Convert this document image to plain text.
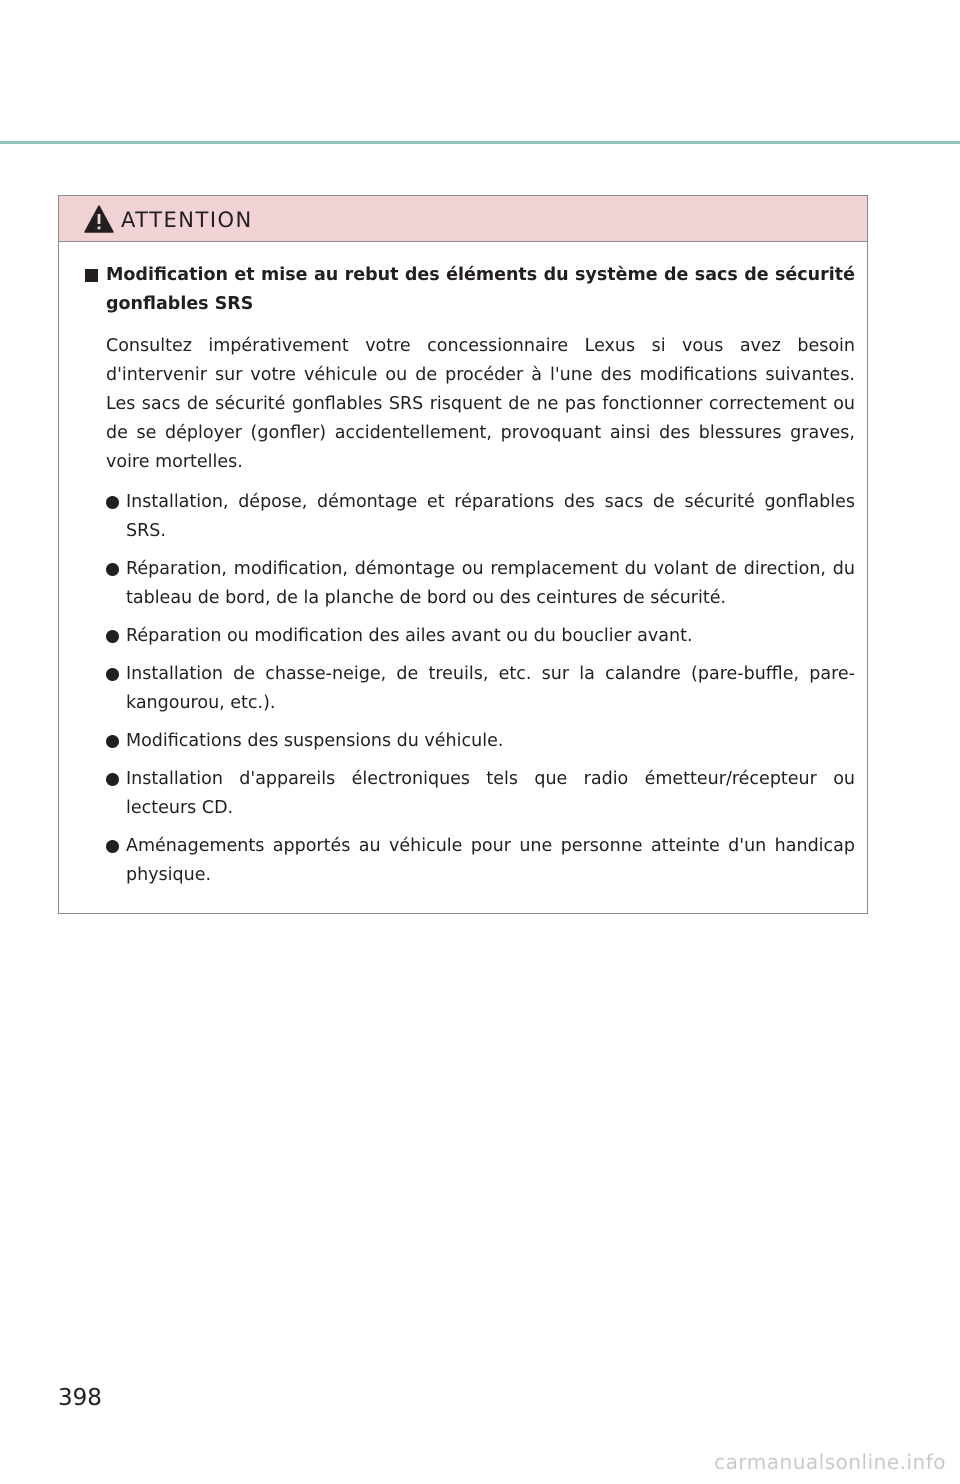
ATTENTION
Modification et mise au rebut des éléments du système de sacs de sécurité gonflables SRS

Consultez impérativement votre concessionnaire Lexus si vous avez besoin d'intervenir sur votre véhicule ou de procéder à l'une des modifications suivantes. Les sacs de sécurité gonflables SRS risquent de ne pas fonctionner correctement ou de se déployer (gonfler) accidentellement, provoquant ainsi des blessures graves, voire mortelles.

Installation, dépose, démontage et réparations des sacs de sécurité gonflables SRS.
Réparation, modification, démontage ou remplacement du volant de direction, du tableau de bord, de la planche de bord ou des ceintures de sécurité.
Réparation ou modification des ailes avant ou du bouclier avant.
Installation de chasse-neige, de treuils, etc. sur la calandre (pare-buffle, pare-kangourou, etc.).
Modifications des suspensions du véhicule.
Installation d'appareils électroniques tels que radio émetteur/récepteur ou lecteurs CD.
Aménagements apportés au véhicule pour une personne atteinte d'un handicap physique.
398
carmanualsonline.info
